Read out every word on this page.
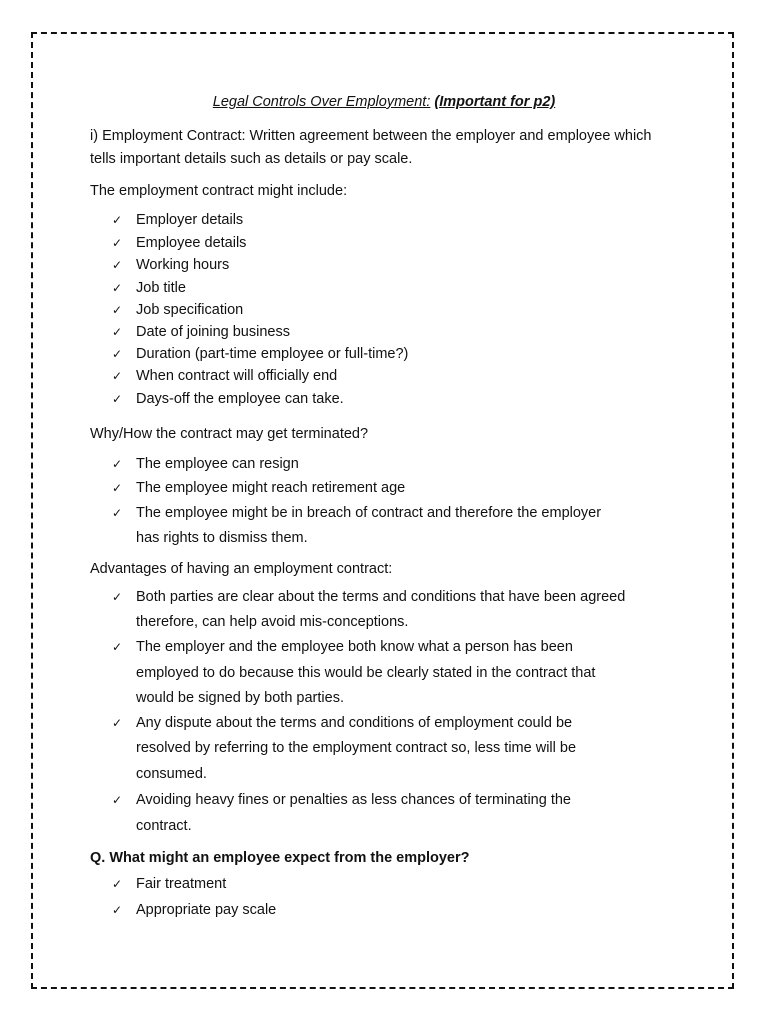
Legal Controls Over Employment: (Important for p2)
i) Employment Contract: Written agreement between the employer and employee which
tells important details such as details or pay scale.
The employment contract might include:
✓ Employer details
✓ Employee details
✓ Working hours
✓ Job title
✓ Job specification
✓ Date of joining business
✓ Duration (part-time employee or full-time?)
✓ When contract will officially end
✓ Days-off the employee can take.
Why/How the contract may get terminated?
✓ The employee can resign
✓ The employee might reach retirement age
✓ The employee might be in breach of contract and therefore the employer
has rights to dismiss them.
Advantages of having an employment contract:
✓ Both parties are clear about the terms and conditions that have been agreed
therefore, can help avoid mis-conceptions.
✓ The employer and the employee both know what a person has been
employed to do because this would be clearly stated in the contract that
would be signed by both parties.
✓ Any dispute about the terms and conditions of employment could be
resolved by referring to the employment contract so, less time will be
consumed.
✓ Avoiding heavy fines or penalties as less chances of terminating the
contract.
Q. What might an employee expect from the employer?
✓ Fair treatment
✓ Appropriate pay scale
